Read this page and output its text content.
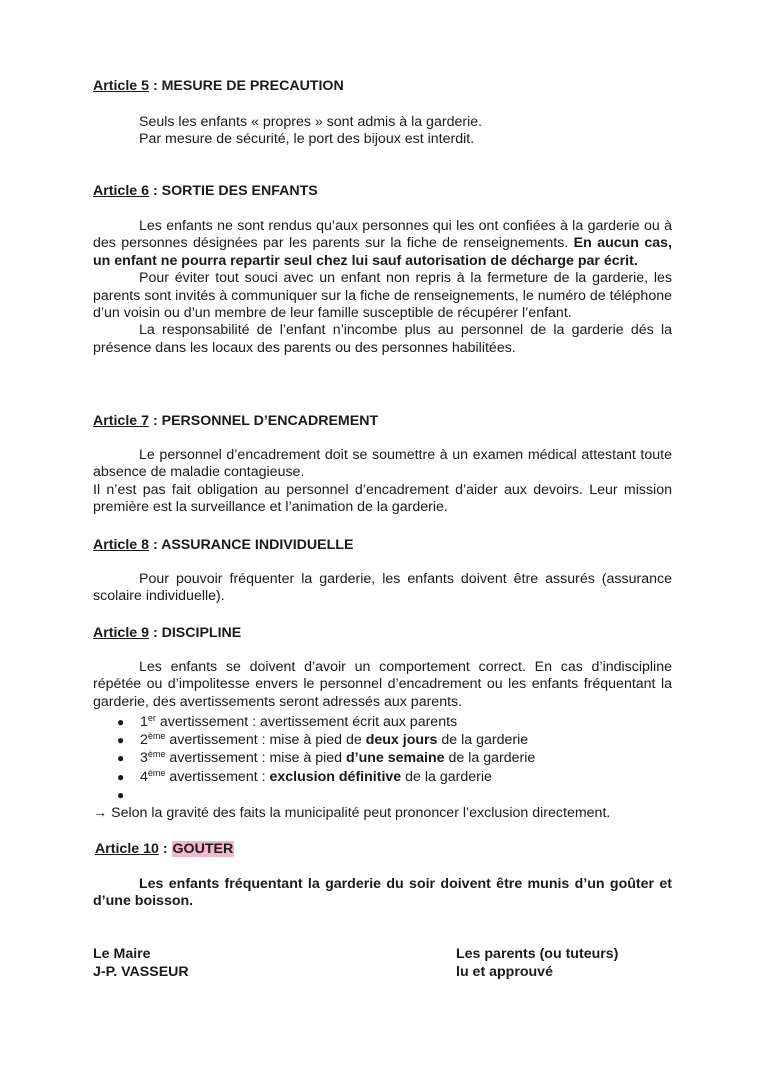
Article 5 : MESURE DE PRECAUTION
Seuls les enfants « propres » sont admis à la garderie.
Par mesure de sécurité, le port des bijoux est interdit.
Article 6 : SORTIE DES ENFANTS

Les enfants ne sont rendus qu’aux personnes qui les ont confiées à la garderie ou à des personnes désignées par les parents sur la fiche de renseignements. En aucun cas, un enfant ne pourra repartir seul chez lui sauf autorisation de décharge par écrit.

Pour éviter tout souci avec un enfant non repris à la fermeture de la garderie, les parents sont invités à communiquer sur la fiche de renseignements, le numéro de téléphone d’un voisin ou d’un membre de leur famille susceptible de récupérer l’enfant.

La responsabilité de l’enfant n’incombe plus au personnel de la garderie dés la présence dans les locaux des parents ou des personnes habilitées.

Article 7 : PERSONNEL D’ENCADREMENT

Le personnel d’encadrement doit se soumettre à un examen médical attestant toute absence de maladie contagieuse.

Il n’est pas fait obligation au personnel d’encadrement d’aider aux devoirs. Leur mission première est la surveillance et l’animation de la garderie.

Article 8 : ASSURANCE INDIVIDUELLE

Pour pouvoir fréquenter la garderie, les enfants doivent être assurés (assurance scolaire individuelle).

Article 9 : DISCIPLINE

Les enfants se doivent d’avoir un comportement correct. En cas d’indiscipline répétée ou d’impolitesse envers le personnel d’encadrement ou les enfants fréquentant la garderie, des avertissements seront adressés aux parents.

● 1er avertissement : avertissement écrit aux parents
● 2ème avertissement : mise à pied de deux jours de la garderie
● 3ème avertissement : mise à pied d’une semaine de la garderie
● 4ème avertissement : exclusion définitive de la garderie
●
→ Selon la gravité des faits la municipalité peut prononcer l’exclusion directement.
Article 10 : GOUTER

Les enfants fréquentant la garderie du soir doivent être munis d’un goûter et d’une boisson.

Le Maire
J-P. VASSEUR
Les parents (ou tuteurs)
lu et approuvé
